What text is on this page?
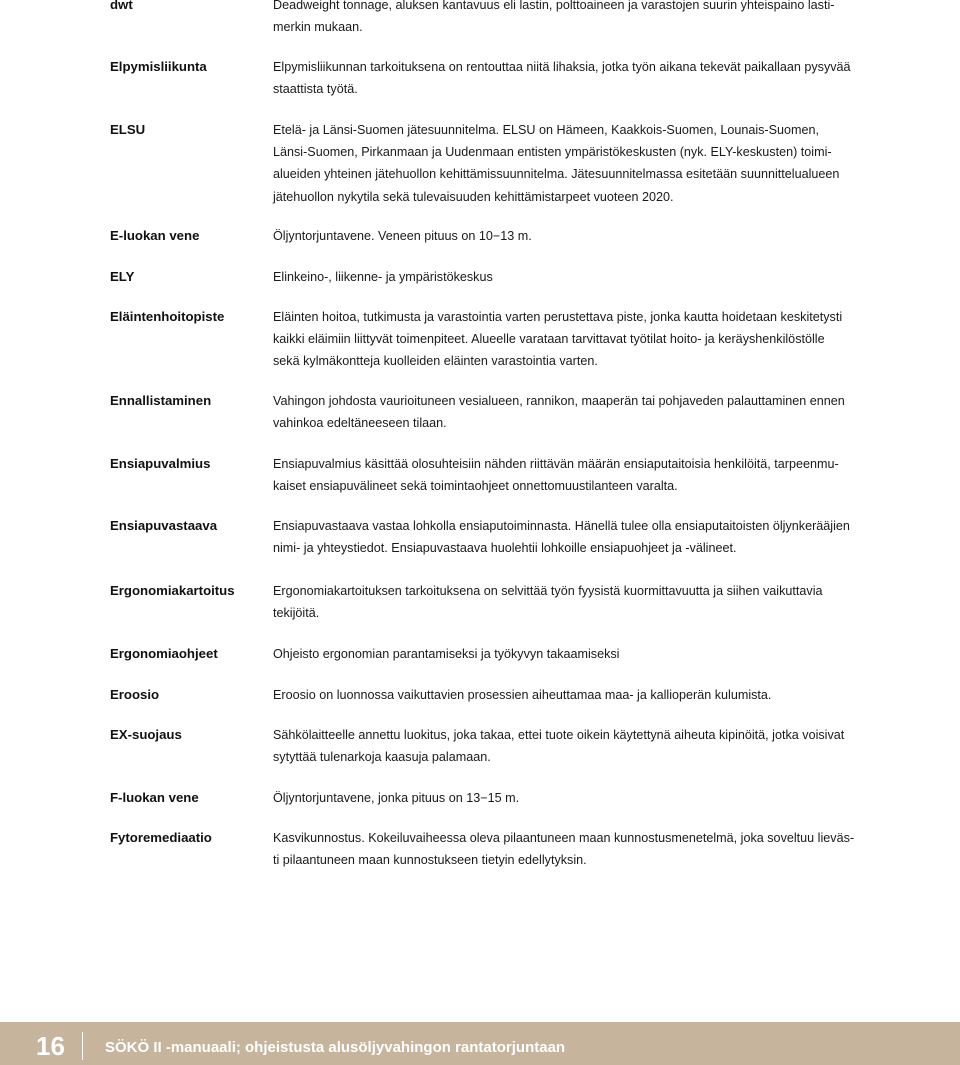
dwt	Deadweight tonnage, aluksen kantavuus eli lastin, polttoaineen ja varastojen suurin yhteispaino lasti-
merkin mukaan.
Elpymisliikunta	Elpymisliikunnan tarkoituksena on rentouttaa niitä lihaksia, jotka työn aikana tekevät paikallaan pysyvää
staattista työtä.
ELSU	Etelä- ja Länsi-Suomen jätesuunnitelma. ELSU on Hämeen, Kaakkois-Suomen, Lounais-Suomen,
Länsi-Suomen, Pirkanmaan ja Uudenmaan entisten ympäristökeskusten (nyk. ELY-keskusten) toimi-
alueiden yhteinen jätehuollon kehittämissuunnitelma. Jätesuunnitelmassa esitetään suunnittelualueen
jätehuollon nykytila sekä tulevaisuuden kehittämistarpeet vuoteen 2020.
E-luokan vene	Öljyntorjuntavene. Veneen pituus on 10−13 m.
ELY	Elinkeino-, liikenne- ja ympäristökeskus
Eläintenhoitopiste	Eläinten hoitoa, tutkimusta ja varastointia varten perustettava piste, jonka kautta hoidetaan keskitetysti
kaikki eläimiin liittyvät toimenpiteet. Alueelle varataan tarvittavat työtilat hoito- ja keräyshenkilöstölle
sekä kylmäkontteja kuolleiden eläinten varastointia varten.
Ennallistaminen	Vahingon johdosta vaurioituneen vesialueen, rannikon, maaperän tai pohjaveden palauttaminen ennen
vahinkoa edeltäneeseen tilaan.
Ensiapuvalmius	Ensiapuvalmius käsittää olosuhteisiin nähden riittävän määrän ensiaputaitoisia henkilöitä, tarpeenmu-
kaiset ensiapuvälineet sekä toimintaohjeet onnettomuustilanteen varalta.
Ensiapuvastaava	Ensiapuvastaava vastaa lohkolla ensiaputoiminnasta. Hänellä tulee olla ensiaputaitoisten öljynkerääjien
nimi- ja yhteystiedot. Ensiapuvastaava huolehtii lohkoille ensiapuohjeet ja -välineet.
Ergonomiakartoitus	Ergonomiakartoituksen tarkoituksena on selvittää työn fyysistä kuormittavuutta ja siihen vaikuttavia
tekijöitä.
Ergonomiaohjeet	Ohjeisto ergonomian parantamiseksi ja työkyvyn takaamiseksi
Eroosio	Eroosio on luonnossa vaikuttavien prosessien aiheuttamaa maa- ja kallioperän kulumista.
EX-suojaus	Sähkölaitteelle annettu luokitus, joka takaa, ettei tuote oikein käytettynä aiheuta kipinöitä, jotka voisivat
sytyttää tulenarkoja kaasuja palamaan.
F-luokan vene	Öljyntorjuntavene, jonka pituus on 13−15 m.
Fytoremediaatio	Kasvikunnostus. Kokeiluvaiheessa oleva pilaantuneen maan kunnostusmenetelmä, joka soveltuu lieväs-
ti pilaantuneen maan kunnostukseen tietyin edellytyksin.
16	SÖKÖ II -manuaali; ohjeistusta alusöljyvahingon rantatorjuntaan
